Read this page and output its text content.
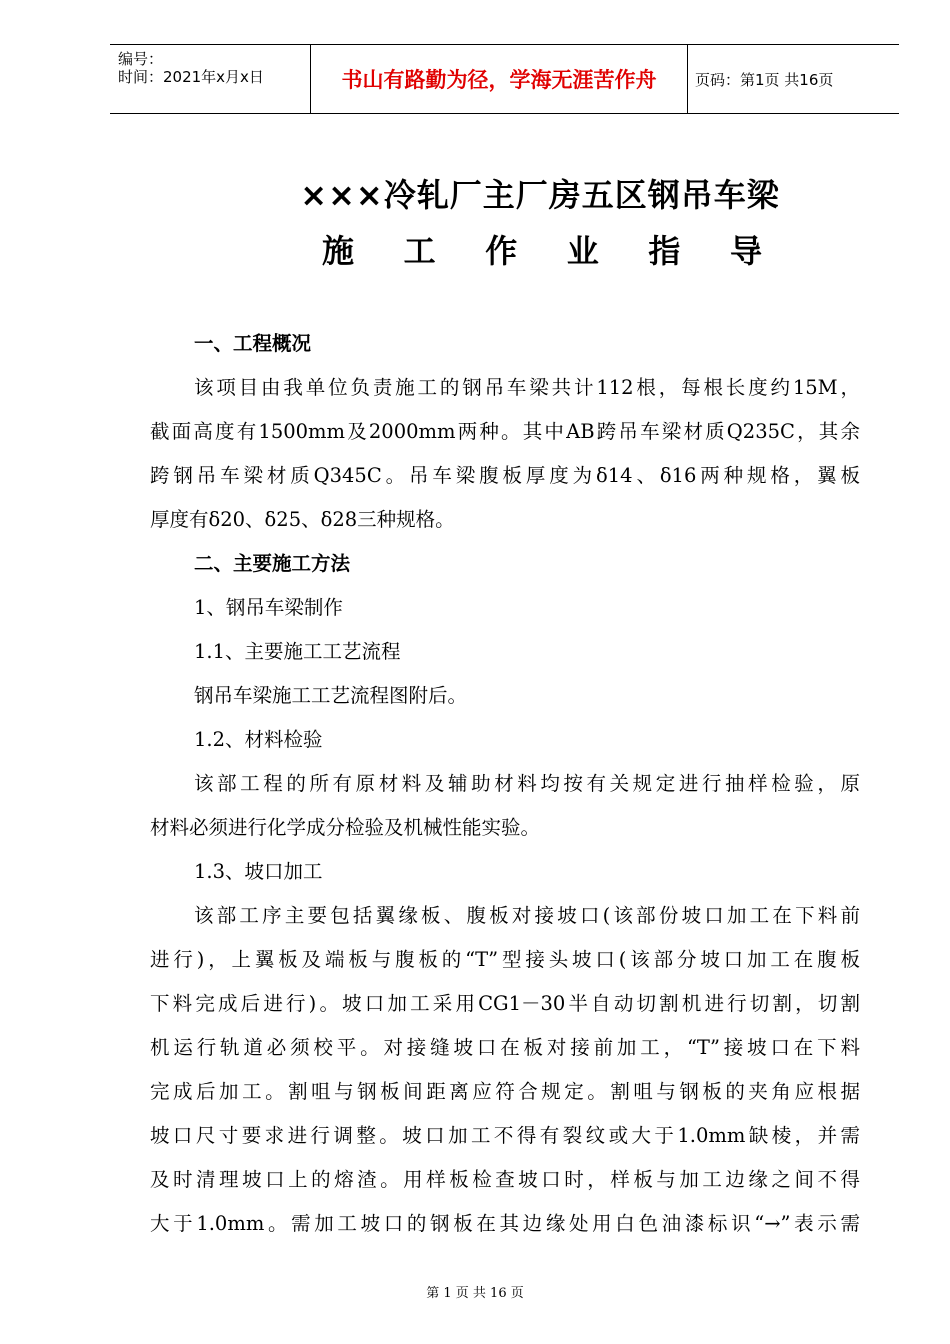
编号：
时间：2021年x月x日	书山有路勤为径，学海无涯苦作舟	页码：第1页 共16页
×××冷轧厂主厂房五区钢吊车梁
施 工 作 业 指 导

一、工程概况

该项目由我单位负责施工的钢吊车梁共计112根，每根长度约15M，

截面高度有1500mm及2000mm两种。其中AB跨吊车梁材质Q235C，其余

跨钢吊车梁材质Q345C。吊车梁腹板厚度为δ14、δ16两种规格，翼板

厚度有δ20、δ25、δ28三种规格。

二、主要施工方法

1、钢吊车梁制作

1.1、主要施工工艺流程

钢吊车梁施工工艺流程图附后。

1.2、材料检验

该部工程的所有原材料及辅助材料均按有关规定进行抽样检验，原

材料必须进行化学成分检验及机械性能实验。

1.3、坡口加工

该部工序主要包括翼缘板、腹板对接坡口(该部份坡口加工在下料前

进行)，上翼板及端板与腹板的“T”型接头坡口(该部分坡口加工在腹板

下料完成后进行)。坡口加工采用CG1－30半自动切割机进行切割，切割

机运行轨道必须校平。对接缝坡口在板对接前加工，“T”接坡口在下料

完成后加工。割咀与钢板间距离应符合规定。割咀与钢板的夹角应根据

坡口尺寸要求进行调整。坡口加工不得有裂纹或大于1.0mm缺棱，并需

及时清理坡口上的熔渣。用样板检查坡口时，样板与加工边缘之间不得

大于1.0mm。需加工坡口的钢板在其边缘处用白色油漆标识“→”表示需

第 1 页 共 16 页
